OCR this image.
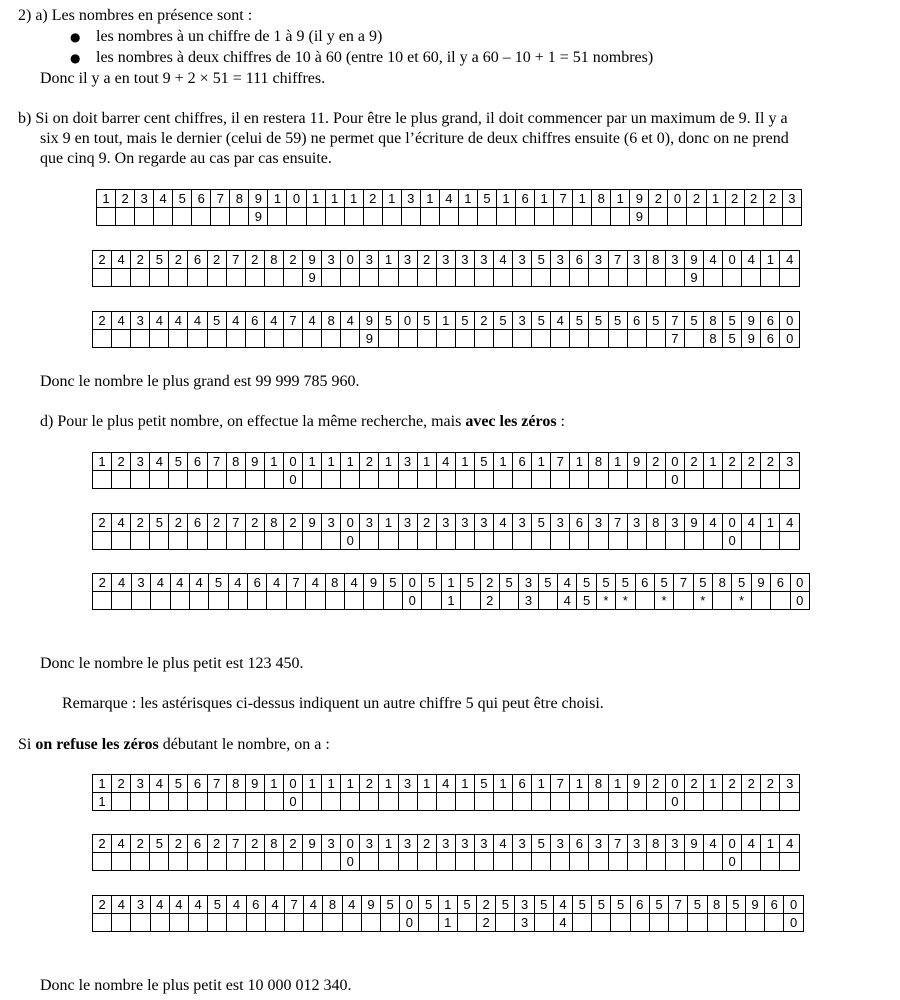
2) a) Les nombres en présence sont :
● les nombres à un chiffre de 1 à 9 (il y en a 9)
● les nombres à deux chiffres de 10 à 60 (entre 10 et 60, il y a 60 – 10 + 1 = 51 nombres)
Donc il y a en tout 9 + 2 × 51 = 111 chiffres.
b) Si on doit barrer cent chiffres, il en restera 11. Pour être le plus grand, il doit commencer par un maximum de 9. Il y a
six 9 en tout, mais le dernier (celui de 59) ne permet que l’écriture de deux chiffres ensuite (6 et 0), donc on ne prend
que cinq 9. On regarde au cas par cas ensuite.
1	2	3	4	5	6	7	8	9	1	0	1	1	1	2	1	3	1	4	1	5	1	6	1	7	1	8	1	9	2	0	2	1	2	2	2	3
								9																				9								
2	4	2	5	2	6	2	7	2	8	2	9	3	0	3	1	3	2	3	3	3	4	3	5	3	6	3	7	3	8	3	9	4	0	4	1	4
											9																				9					
2	4	3	4	4	4	5	4	6	4	7	4	8	4	9	5	0	5	1	5	2	5	3	5	4	5	5	5	6	5	7	5	8	5	9	6	0
														9																7		8	5	9	6	0
Donc le nombre le plus grand est 99 999 785 960.
d) Pour le plus petit nombre, on effectue la même recherche, mais avec les zéros :
1	2	3	4	5	6	7	8	9	1	0	1	1	1	2	1	3	1	4	1	5	1	6	1	7	1	8	1	9	2	0	2	1	2	2	2	3
										0																				0						
2	4	2	5	2	6	2	7	2	8	2	9	3	0	3	1	3	2	3	3	3	4	3	5	3	6	3	7	3	8	3	9	4	0	4	1	4
													0																				0			
2	4	3	4	4	4	5	4	6	4	7	4	8	4	9	5	0	5	1	5	2	5	3	5	4	5	5	5	6	5	7	5	8	5	9	6	0
																0		1		2		3		4	5	*	*		*		*		*			0
Donc le nombre le plus petit est 123 450.
Remarque : les astérisques ci-dessus indiquent un autre chiffre 5 qui peut être choisi.
Si on refuse les zéros débutant le nombre, on a :
1	2	3	4	5	6	7	8	9	1	0	1	1	1	2	1	3	1	4	1	5	1	6	1	7	1	8	1	9	2	0	2	1	2	2	2	3
1										0																				0						
2	4	2	5	2	6	2	7	2	8	2	9	3	0	3	1	3	2	3	3	3	4	3	5	3	6	3	7	3	8	3	9	4	0	4	1	4
													0																				0			
2	4	3	4	4	4	5	4	6	4	7	4	8	4	9	5	0	5	1	5	2	5	3	5	4	5	5	5	6	5	7	5	8	5	9	6	0
																0		1		2		3		4												0
Donc le nombre le plus petit est 10 000 012 340.
